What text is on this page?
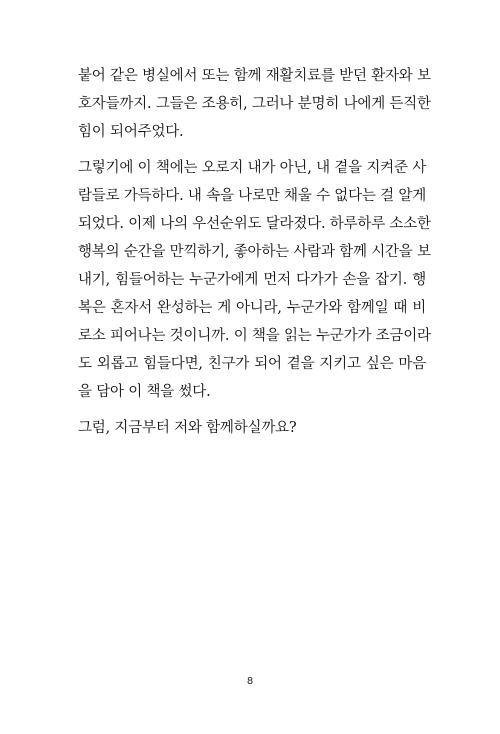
붙어 같은 병실에서 또는 함께 재활치료를 받던 환자와 보
호자들까지. 그들은 조용히, 그러나 분명히 나에게 든직한
힘이 되어주었다.

그렇기에 이 책에는 오로지 내가 아닌, 내 곁을 지켜준 사
람들로 가득하다. 내 속을 나로만 채울 수 없다는 걸 알게
되었다. 이제 나의 우선순위도 달라졌다. 하루하루 소소한
행복의 순간을 만끽하기, 좋아하는 사람과 함께 시간을 보
내기, 힘들어하는 누군가에게 먼저 다가가 손을 잡기. 행
복은 혼자서 완성하는 게 아니라, 누군가와 함께일 때 비
로소 피어나는 것이니까. 이 책을 읽는 누군가가 조금이라
도 외롭고 힘들다면, 친구가 되어 곁을 지키고 싶은 마음
을 담아 이 책을 썼다.

그럼, 지금부터 저와 함께하실까요?

8
